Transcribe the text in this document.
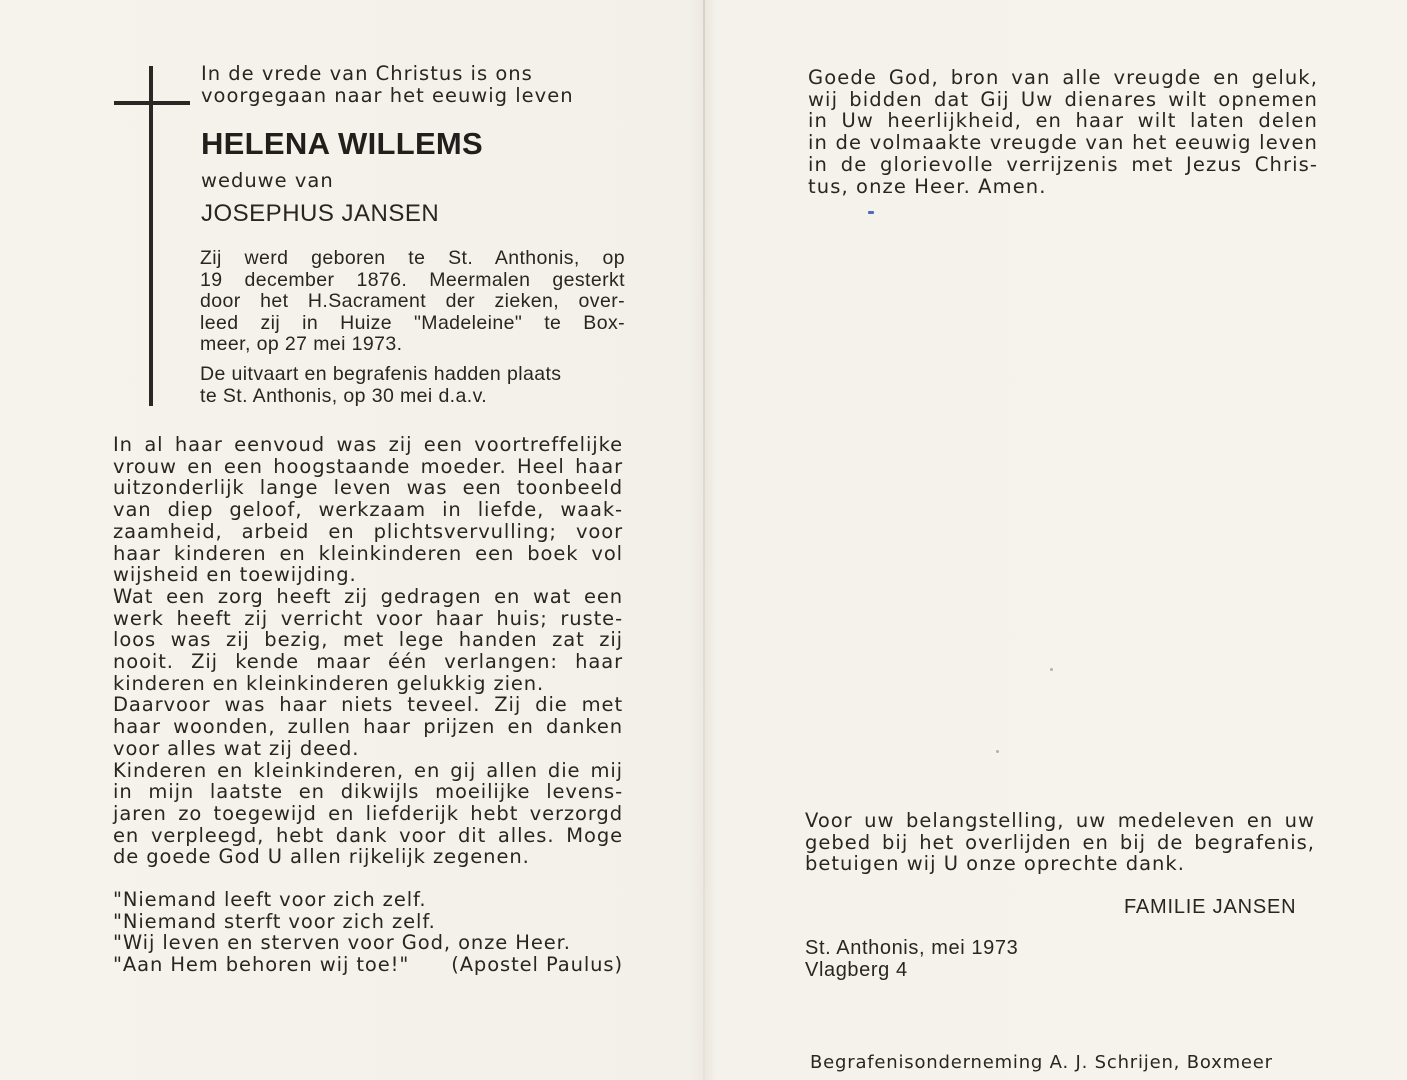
In de vrede van Christus is ons
voorgegaan naar het eeuwig leven
HELENA WILLEMS
weduwe van
JOSEPHUS JANSEN
Zij werd geboren te St. Anthonis, op
19 december 1876. Meermalen gesterkt
door het H.Sacrament der zieken, over-
leed zij in Huize "Madeleine" te Box-
meer, op 27 mei 1973.
De uitvaart en begrafenis hadden plaats
te St. Anthonis, op 30 mei d.a.v.

In al haar eenvoud was zij een voortreffelijke

vrouw en een hoogstaande moeder. Heel haar

uitzonderlijk lange leven was een toonbeeld

van diep geloof, werkzaam in liefde, waak-

zaamheid, arbeid en plichtsvervulling; voor

haar kinderen en kleinkinderen een boek vol

wijsheid en toewijding.

Wat een zorg heeft zij gedragen en wat een

werk heeft zij verricht voor haar huis; ruste-

loos was zij bezig, met lege handen zat zij

nooit. Zij kende maar één verlangen: haar

kinderen en kleinkinderen gelukkig zien.

Daarvoor was haar niets teveel. Zij die met

haar woonden, zullen haar prijzen en danken

voor alles wat zij deed.

Kinderen en kleinkinderen, en gij allen die mij

in mijn laatste en dikwijls moeilijke levens-

jaren zo toegewijd en liefderijk hebt verzorgd

en verpleegd, hebt dank voor dit alles. Moge

de goede God U allen rijkelijk zegenen.

"Niemand leeft voor zich zelf.
"Niemand sterft voor zich zelf.
"Wij leven en sterven voor God, onze Heer.
"Aan Hem behoren wij toe!" (Apostel Paulus)
Goede God, bron van alle vreugde en geluk,
wij bidden dat Gij Uw dienares wilt opnemen
in Uw heerlijkheid, en haar wilt laten delen
in de volmaakte vreugde van het eeuwig leven
in de glorievolle verrijzenis met Jezus Chris-
tus, onze Heer. Amen.
Voor uw belangstelling, uw medeleven en uw
gebed bij het overlijden en bij de begrafenis,
betuigen wij U onze oprechte dank.
FAMILIE JANSEN
St. Anthonis, mei 1973
Vlagberg 4
Begrafenisonderneming A. J. Schrijen, Boxmeer
